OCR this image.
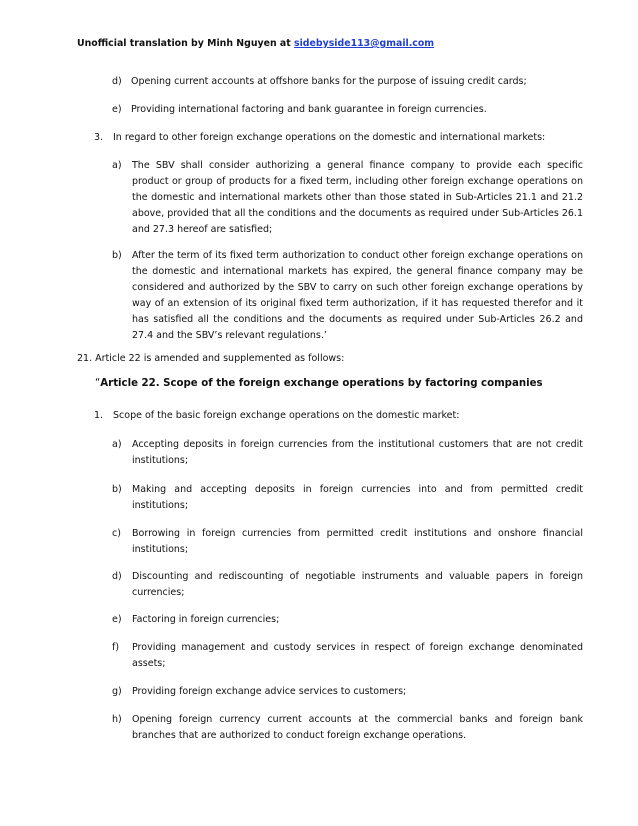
Unofficial translation by Minh Nguyen at sidebyside113@gmail.com
d) Opening current accounts at offshore banks for the purpose of issuing credit cards;
e) Providing international factoring and bank guarantee in foreign currencies.
3. In regard to other foreign exchange operations on the domestic and international markets:
a) The SBV shall consider authorizing a general finance company to provide each specific product or group of products for a fixed term, including other foreign exchange operations on the domestic and international markets other than those stated in Sub-Articles 21.1 and 21.2 above, provided that all the conditions and the documents as required under Sub-Articles 26.1 and 27.3 hereof are satisfied;
b) After the term of its fixed term authorization to conduct other foreign exchange operations on the domestic and international markets has expired, the general finance company may be considered and authorized by the SBV to carry on such other foreign exchange operations by way of an extension of its original fixed term authorization, if it has requested therefor and it has satisfied all the conditions and the documents as required under Sub-Articles 26.2 and 27.4 and the SBV’s relevant regulations.’
21. Article 22 is amended and supplemented as follows:
“Article 22. Scope of the foreign exchange operations by factoring companies
1. Scope of the basic foreign exchange operations on the domestic market:
a) Accepting deposits in foreign currencies from the institutional customers that are not credit institutions;
b) Making and accepting deposits in foreign currencies into and from permitted credit institutions;
c) Borrowing in foreign currencies from permitted credit institutions and onshore financial institutions;
d) Discounting and rediscounting of negotiable instruments and valuable papers in foreign currencies;
e) Factoring in foreign currencies;
f) Providing management and custody services in respect of foreign exchange denominated assets;
g) Providing foreign exchange advice services to customers;
h) Opening foreign currency current accounts at the commercial banks and foreign bank branches that are authorized to conduct foreign exchange operations.
